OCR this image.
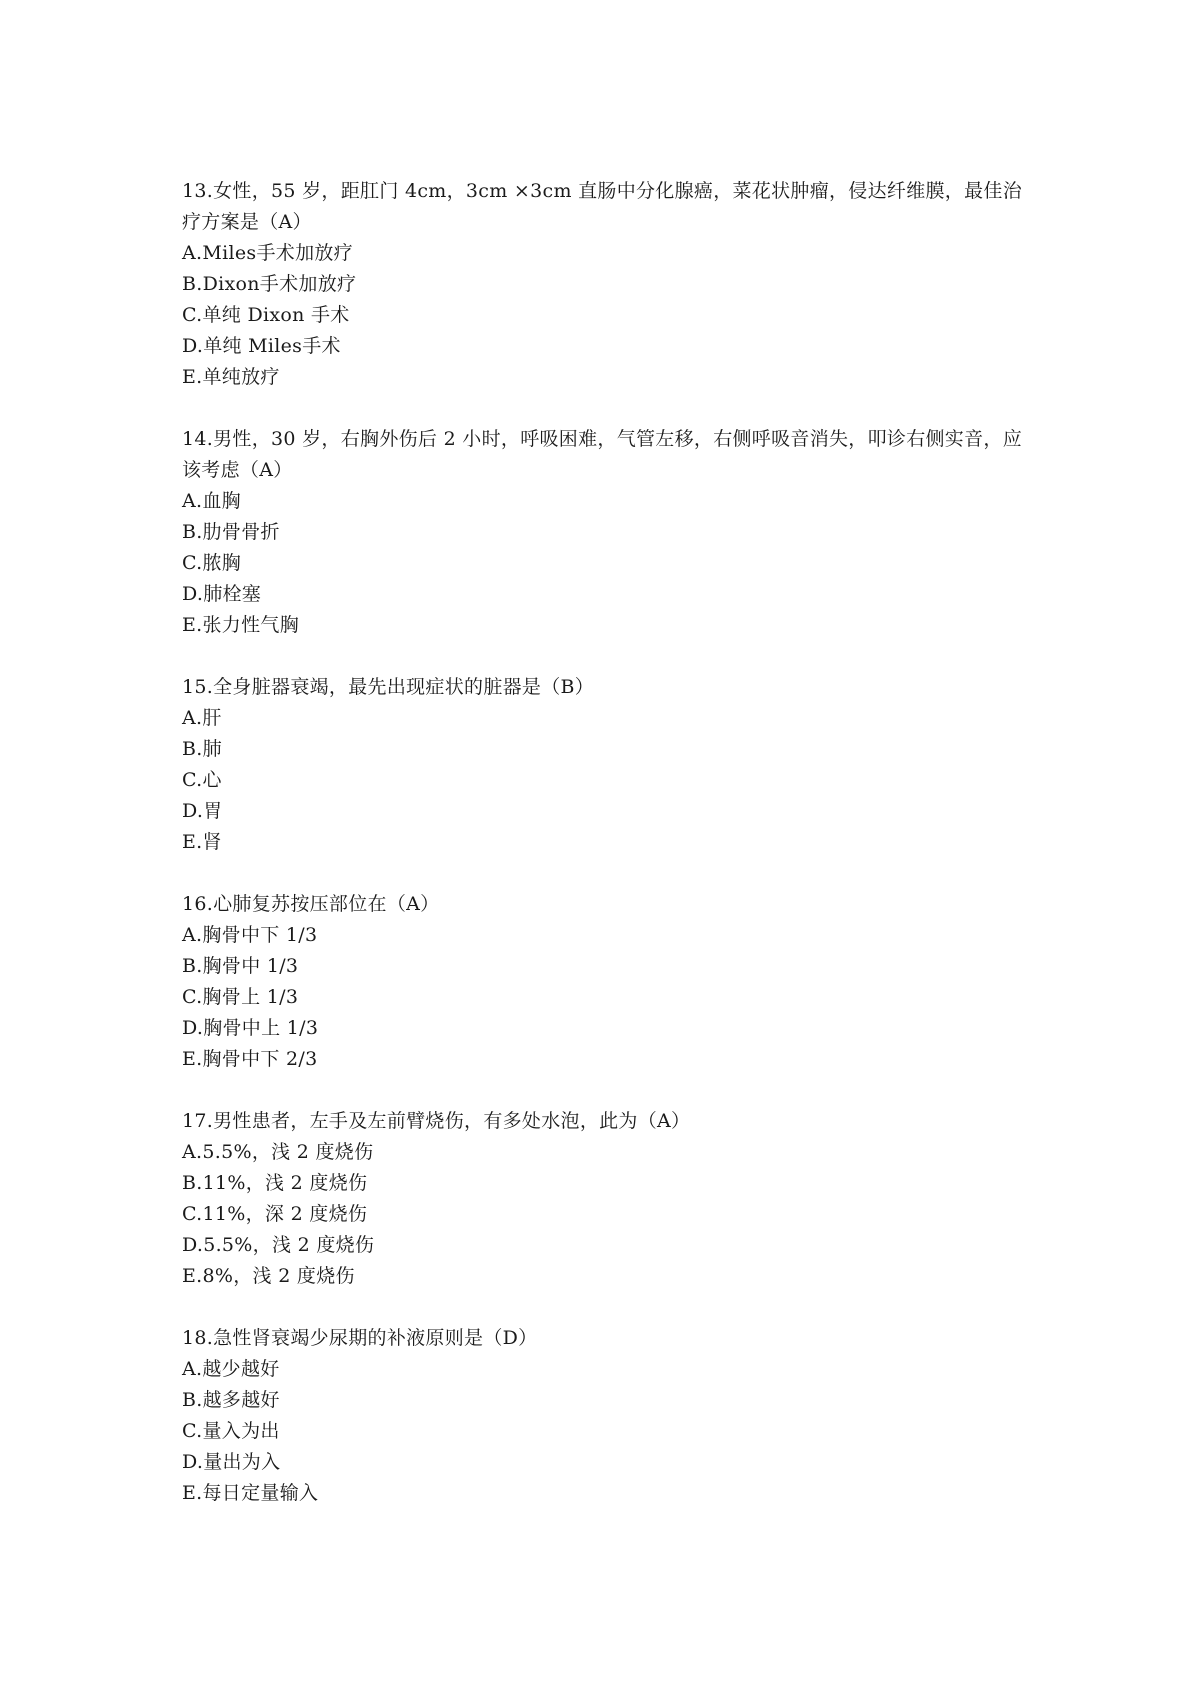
13.女性，55 岁，距肛门 4cm，3cm ×3cm 直肠中分化腺癌，菜花状肿瘤，侵达纤维膜，最佳治疗方案是（A）

A.Miles手术加放疗

B.Dixon手术加放疗

C.单纯 Dixon 手术

D.单纯 Miles手术

E.单纯放疗

14.男性，30 岁，右胸外伤后 2 小时，呼吸困难，气管左移，右侧呼吸音消失，叩诊右侧实音，应该考虑（A）

A.血胸

B.肋骨骨折

C.脓胸

D.肺栓塞

E.张力性气胸

15.全身脏器衰竭，最先出现症状的脏器是（B）

A.肝

B.肺

C.心

D.胃

E.肾

16.心肺复苏按压部位在（A）

A.胸骨中下 1/3

B.胸骨中 1/3

C.胸骨上 1/3

D.胸骨中上 1/3

E.胸骨中下 2/3

17.男性患者，左手及左前臂烧伤，有多处水泡，此为（A）

A.5.5%，浅 2 度烧伤

B.11%，浅 2 度烧伤

C.11%，深 2 度烧伤

D.5.5%，浅 2 度烧伤

E.8%，浅 2 度烧伤

18.急性肾衰竭少尿期的补液原则是（D）

A.越少越好

B.越多越好

C.量入为出

D.量出为入

E.每日定量输入
